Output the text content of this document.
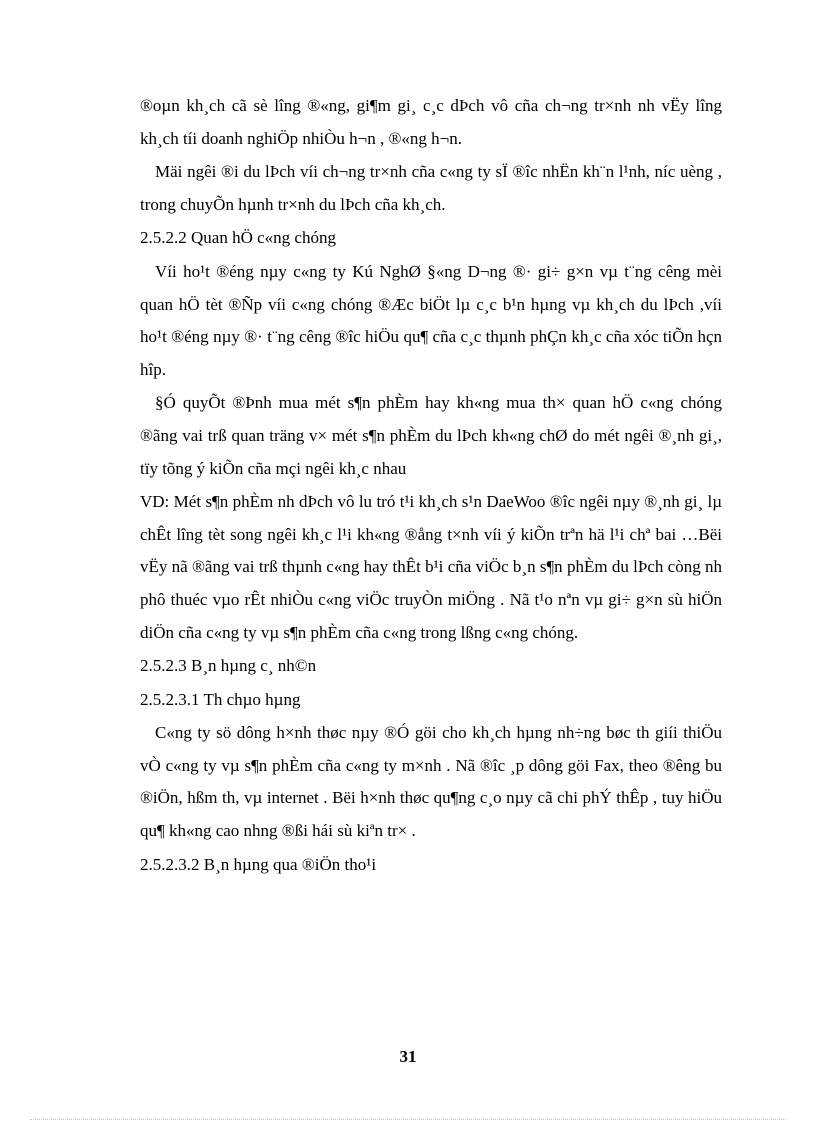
®oµn kh¸ch cã sè lîng ®«ng, gi¶m gi¸ c¸c dÞch vô cña ch¬ng tr×nh nh vËy lîng kh¸ch tíi doanh nghiÖp nhiÒu h¬n , ®«ng h¬n.

Mäi ngêi ®i du lÞch víi ch¬ng tr×nh cña c«ng ty sÏ ®îc nhËn kh¨n l¹nh, níc uèng , trong chuyÕn hµnh tr×nh du lÞch cña kh¸ch.

2.5.2.2 Quan hÖ c«ng chóng

Víi ho¹t ®éng nµy c«ng ty Kú NghØ §«ng D¬ng ®· gi÷ g×n vµ t¨ng cêng mèi quan hÖ tèt ®Ñp víi c«ng chóng ®Æc biÖt lµ c¸c b¹n hµng vµ kh¸ch du lÞch ,víi ho¹t ®éng nµy ®· t¨ng cêng ®îc hiÖu qu¶ cña c¸c thµnh phÇn kh¸c cña xóc tiÕn hçn hîp.

§Ó quyÕt ®Þnh mua mét s¶n phÈm hay kh«ng mua th× quan hÖ c«ng chóng ®ãng vai trß quan träng v× mét s¶n phÈm du lÞch kh«ng chØ do mét ngêi ®¸nh gi¸, tïy tõng ý kiÕn cña mçi ngêi kh¸c nhau

VD: Mét s¶n phÈm nh dÞch vô lu tró t¹i kh¸ch s¹n DaeWoo ®îc ngêi nµy ®¸nh gi¸ lµ chÊt lîng tèt song ngêi kh¸c l¹i kh«ng ®ång t×nh víi ý kiÕn trªn hä l¹i chª bai …Bëi vËy nã ®ãng vai trß thµnh c«ng hay thÊt b¹i cña viÖc b¸n s¶n phÈm du lÞch còng nh phô thuéc vµo rÊt nhiÒu c«ng viÖc truyÒn miÖng . Nã t¹o nªn vµ gi÷ g×n sù hiÖn diÖn cña c«ng ty vµ s¶n phÈm cña c«ng trong lßng c«ng chóng.

2.5.2.3 B¸n hµng c¸ nh©n

2.5.2.3.1 Th chµo hµng

C«ng ty sö dông h×nh thøc nµy ®Ó göi cho kh¸ch hµng nh÷ng bøc th giíi thiÖu vÒ c«ng ty vµ s¶n phÈm cña c«ng ty m×nh . Nã ®îc ¸p dông göi Fax, theo ®êng bu ®iÖn, hßm th, vµ internet . Bëi h×nh thøc qu¶ng c¸o nµy cã chi phÝ thÊp , tuy hiÖu qu¶ kh«ng cao nhng ®ßi hái sù kiªn tr× .

2.5.2.3.2 B¸n hµng qua ®iÖn tho¹i

31
